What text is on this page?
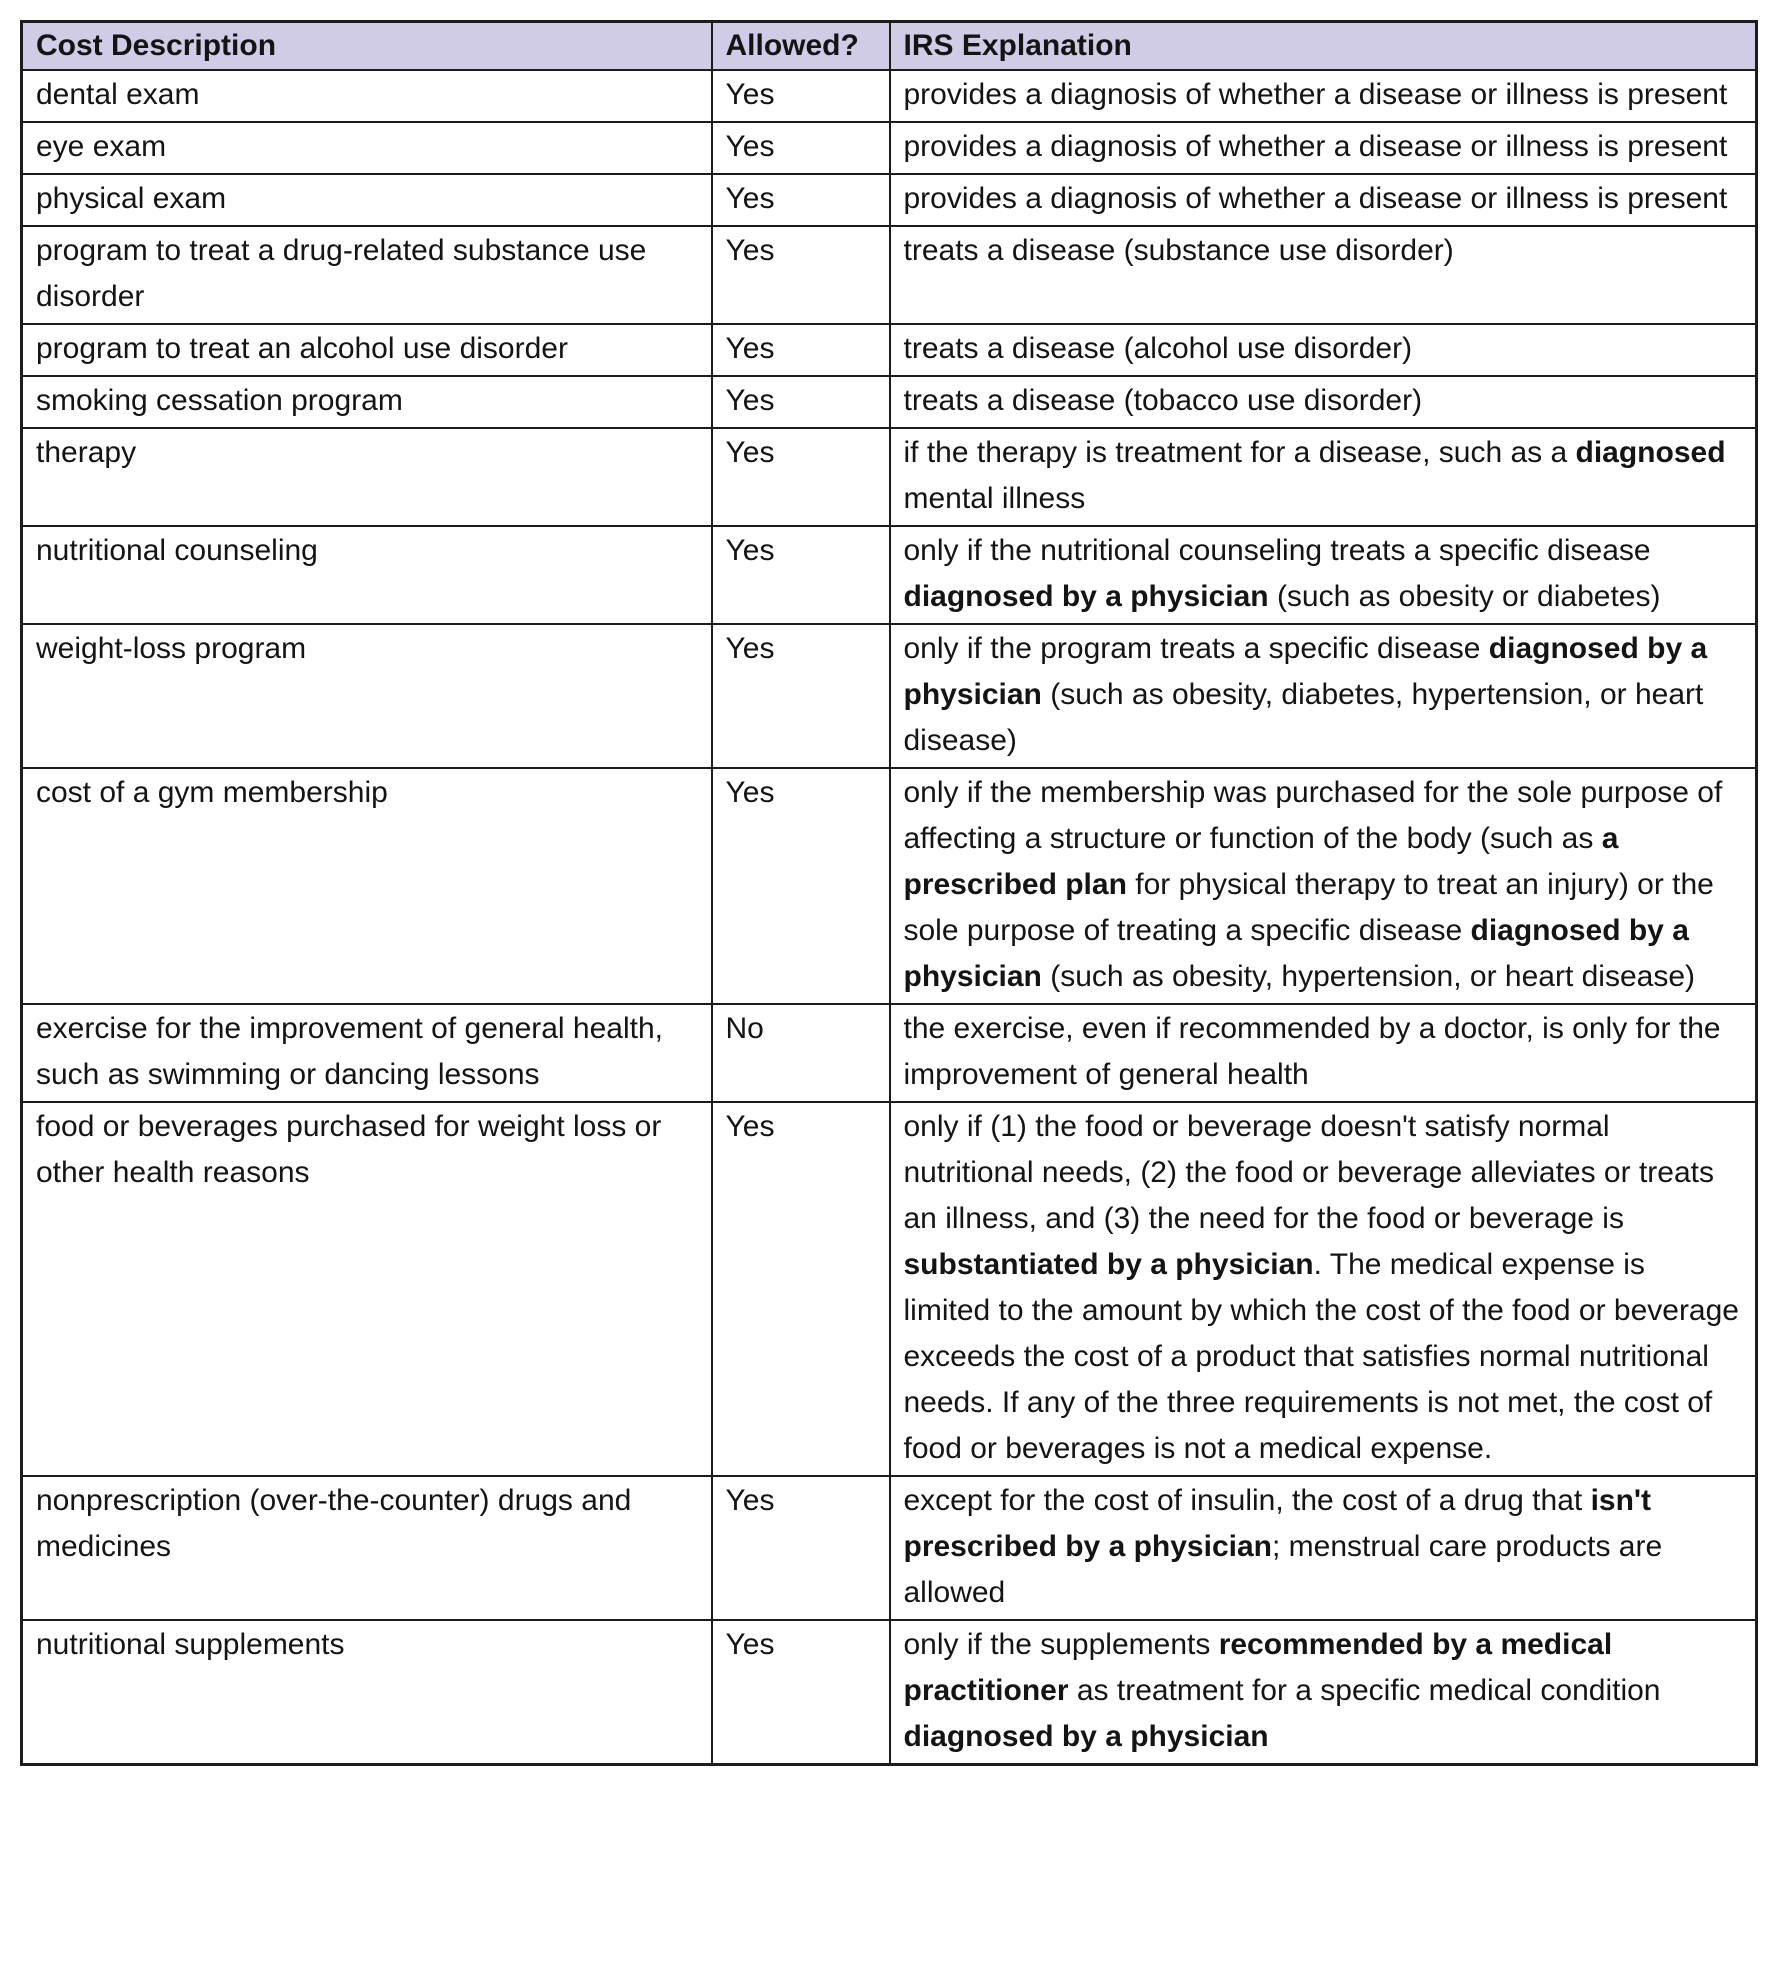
Cost Description	Allowed?	IRS Explanation
dental exam	Yes	provides a diagnosis of whether a disease or illness is present
eye exam	Yes	provides a diagnosis of whether a disease or illness is present
physical exam	Yes	provides a diagnosis of whether a disease or illness is present
program to treat a drug-related substance use disorder	Yes	treats a disease (substance use disorder)
program to treat an alcohol use disorder	Yes	treats a disease (alcohol use disorder)
smoking cessation program	Yes	treats a disease (tobacco use disorder)
therapy	Yes	if the therapy is treatment for a disease, such as a diagnosed mental illness
nutritional counseling	Yes	only if the nutritional counseling treats a specific disease diagnosed by a physician (such as obesity or diabetes)
weight-loss program	Yes	only if the program treats a specific disease diagnosed by a physician (such as obesity, diabetes, hypertension, or heart disease)
cost of a gym membership	Yes	only if the membership was purchased for the sole purpose of affecting a structure or function of the body (such as a prescribed plan for physical therapy to treat an injury) or the sole purpose of treating a specific disease diagnosed by a physician (such as obesity, hypertension, or heart disease)
exercise for the improvement of general health, such as swimming or dancing lessons	No	the exercise, even if recommended by a doctor, is only for the improvement of general health
food or beverages purchased for weight loss or other health reasons	Yes	only if (1) the food or beverage doesn't satisfy normal nutritional needs, (2) the food or beverage alleviates or treats an illness, and (3) the need for the food or beverage is substantiated by a physician. The medical expense is limited to the amount by which the cost of the food or beverage exceeds the cost of a product that satisfies normal nutritional needs. If any of the three requirements is not met, the cost of food or beverages is not a medical expense.
nonprescription (over-the-counter) drugs and medicines	Yes	except for the cost of insulin, the cost of a drug that isn't prescribed by a physician; menstrual care products are allowed
nutritional supplements	Yes	only if the supplements recommended by a medical practitioner as treatment for a specific medical condition diagnosed by a physician
